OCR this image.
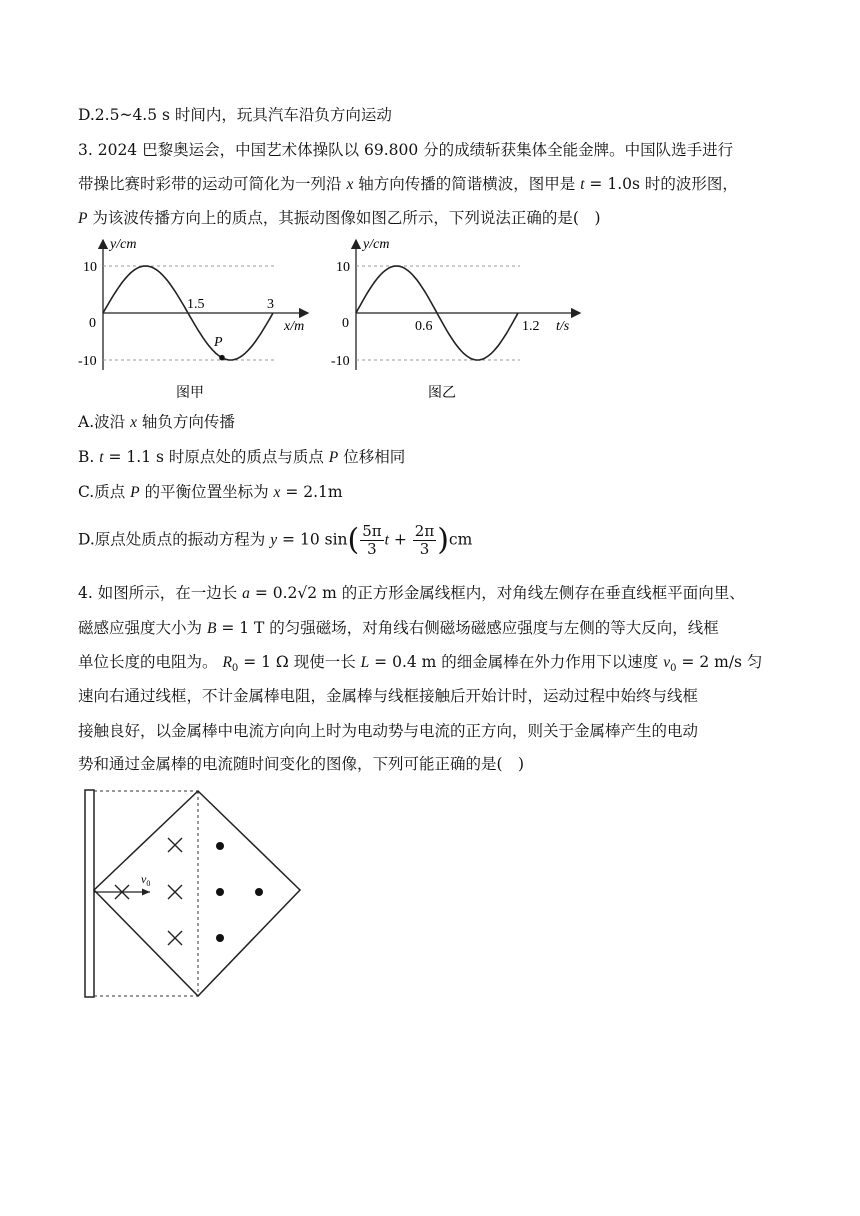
D.2.5~4.5 s 时间内，玩具汽车沿负方向运动
3. 2024 巴黎奥运会，中国艺术体操队以 69.800 分的成绩斩获集体全能金牌。中国队选手进行
带操比赛时彩带的运动可简化为一列沿 x 轴方向传播的简谐横波，图甲是 t = 1.0s 时的波形图，
P 为该波传播方向上的质点，其振动图像如图乙所示，下列说法正确的是(　)
P
y/cm
x/m
10
-10
0
1.5	3
图甲
y/cm
t/s
10
-10
0	0.6	1.2
图乙
A.波沿 x 轴负方向传播
B. t = 1.1 s 时原点处的质点与质点 P 位移相同
C.质点 P 的平衡位置坐标为 x = 2.1m
D.原点处质点的振动方程为 y = 10 $\sin( \frac{5\pi}{3}$ $t + \frac{2\pi}{3} )cm$
4. 如图所示，在一边长 a = 0.2√2 m 的正方形金属线框内，对角线左侧存在垂直线框平面向里、
磁感应强度大小为 B = 1 T 的匀强磁场，对角线右侧磁场磁感应强度与左侧的等大反向，线框
单位长度的电阻为。 $R_0 = 1$ Ω 现使一长 L = 0.4 m 的细金属棒在外力作用下以速度 $v_0 = 2$ m/s 匀
速向右通过线框，不计金属棒电阻，金属棒与线框接触后开始计时，运动过程中始终与线框
接触良好，以金属棒中电流方向向上时为电动势与电流的正方向，则关于金属棒产生的电动
势和通过金属棒的电流随时间变化的图像，下列可能正确的是(　)
$v_0$
